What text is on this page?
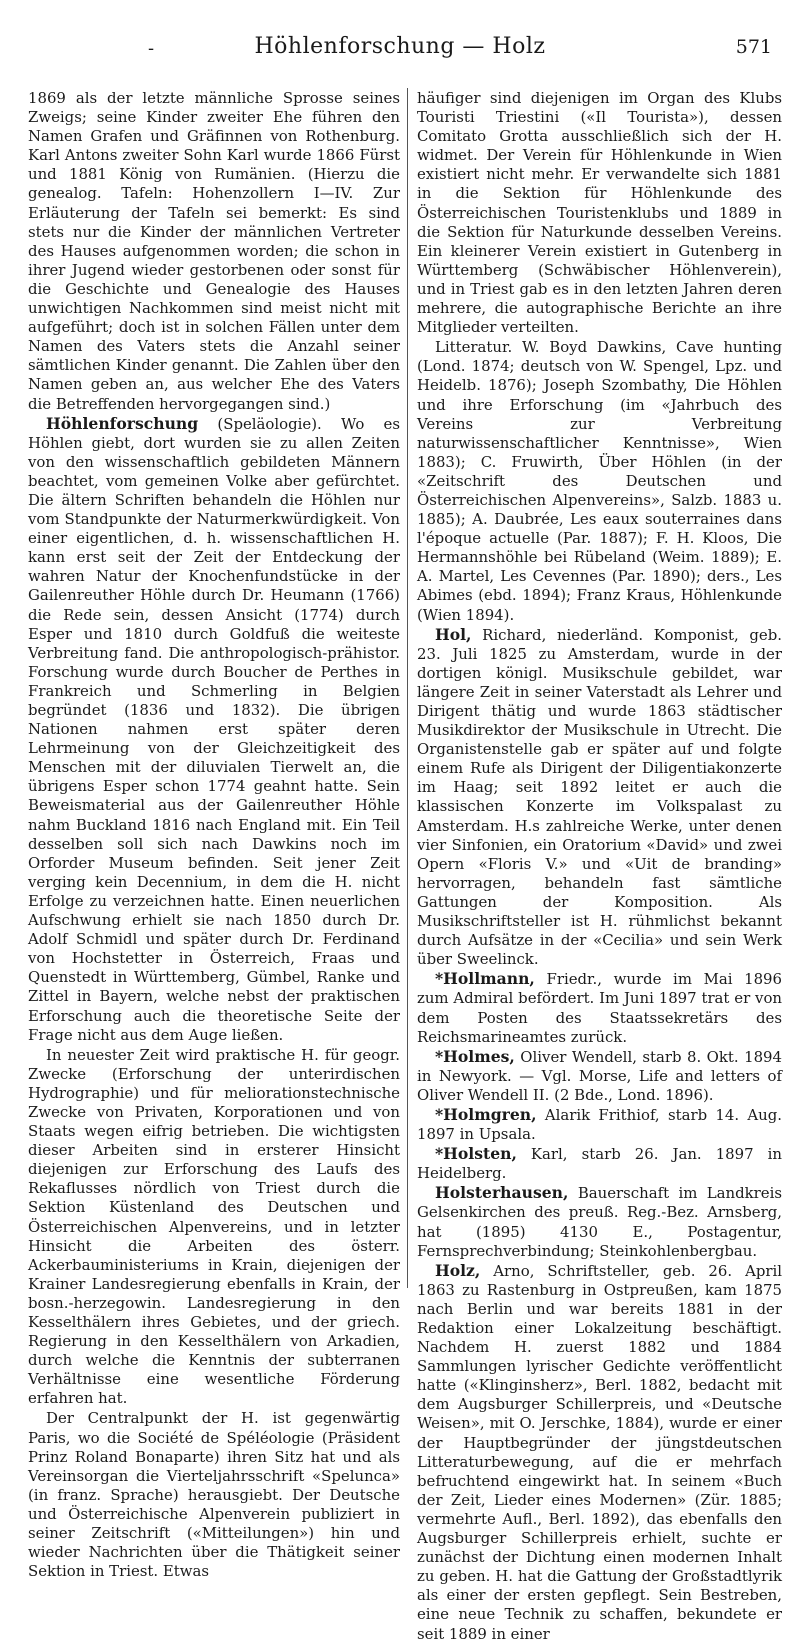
-	Höhlenforschung — Holz	571

1869 als der letzte männliche Sprosse seines Zweigs; seine Kinder zweiter Ehe führen den Namen Grafen und Gräfinnen von Rothenburg. Karl Antons zweiter Sohn Karl wurde 1866 Fürst und 1881 König von Rumänien. (Hierzu die genealog. Tafeln: Hohenzollern I—IV. Zur Erläuterung der Tafeln sei bemerkt: Es sind stets nur die Kinder der männlichen Vertreter des Hauses aufgenommen worden; die schon in ihrer Jugend wieder gestorbenen oder sonst für die Geschichte und Genealogie des Hauses unwichtigen Nachkommen sind meist nicht mit aufgeführt; doch ist in solchen Fällen unter dem Namen des Vaters stets die Anzahl seiner sämtlichen Kinder genannt. Die Zahlen über den Namen geben an, aus welcher Ehe des Vaters die Betreffenden hervorgegangen sind.)

Höhlenforschung (Speläologie). Wo es Höhlen giebt, dort wurden sie zu allen Zeiten von den wissenschaftlich gebildeten Männern beachtet, vom gemeinen Volke aber gefürchtet. Die ältern Schriften behandeln die Höhlen nur vom Standpunkte der Naturmerkwürdigkeit. Von einer eigentlichen, d. h. wissenschaftlichen H. kann erst seit der Zeit der Entdeckung der wahren Natur der Knochenfundstücke in der Gailenreuther Höhle durch Dr. Heumann (1766) die Rede sein, dessen Ansicht (1774) durch Esper und 1810 durch Goldfuß die weiteste Verbreitung fand. Die anthropologisch-prähistor. Forschung wurde durch Boucher de Perthes in Frankreich und Schmerling in Belgien begründet (1836 und 1832). Die übrigen Nationen nahmen erst später deren Lehrmeinung von der Gleichzeitigkeit des Menschen mit der diluvialen Tierwelt an, die übrigens Esper schon 1774 geahnt hatte. Sein Beweismaterial aus der Gailenreuther Höhle nahm Buckland 1816 nach England mit. Ein Teil desselben soll sich nach Dawkins noch im Orforder Museum befinden. Seit jener Zeit verging kein Decennium, in dem die H. nicht Erfolge zu verzeichnen hatte. Einen neuerlichen Aufschwung erhielt sie nach 1850 durch Dr. Adolf Schmidl und später durch Dr. Ferdinand von Hochstetter in Österreich, Fraas und Quenstedt in Württemberg, Gümbel, Ranke und Zittel in Bayern, welche nebst der praktischen Erforschung auch die theoretische Seite der Frage nicht aus dem Auge ließen.

In neuester Zeit wird praktische H. für geogr. Zwecke (Erforschung der unterirdischen Hydrographie) und für meliorationstechnische Zwecke von Privaten, Korporationen und von Staats wegen eifrig betrieben. Die wichtigsten dieser Arbeiten sind in ersterer Hinsicht diejenigen zur Erforschung des Laufs des Rekaflusses nördlich von Triest durch die Sektion Küstenland des Deutschen und Österreichischen Alpenvereins, und in letzter Hinsicht die Arbeiten des österr. Ackerbauministeriums in Krain, diejenigen der Krainer Landesregierung ebenfalls in Krain, der bosn.-herzegowin. Landesregierung in den Kesselthälern ihres Gebietes, und der griech. Regierung in den Kesselthälern von Arkadien, durch welche die Kenntnis der subterranen Verhältnisse eine wesentliche Förderung erfahren hat.

Der Centralpunkt der H. ist gegenwärtig Paris, wo die Société de Spéléologie (Präsident Prinz Roland Bonaparte) ihren Sitz hat und als Vereinsorgan die Vierteljahrsschrift «Spelunca» (in franz. Sprache) herausgiebt. Der Deutsche und Österreichische Alpenverein publiziert in seiner Zeitschrift («Mitteilungen») hin und wieder Nachrichten über die Thätigkeit seiner Sektion in Triest. Etwas

häufiger sind diejenigen im Organ des Klubs Touristi Triestini («Il Tourista»), dessen Comitato Grotta ausschließlich sich der H. widmet. Der Verein für Höhlenkunde in Wien existiert nicht mehr. Er verwandelte sich 1881 in die Sektion für Höhlenkunde des Österreichischen Touristenklubs und 1889 in die Sektion für Naturkunde desselben Vereins. Ein kleinerer Verein existiert in Gutenberg in Württemberg (Schwäbischer Höhlenverein), und in Triest gab es in den letzten Jahren deren mehrere, die autographische Berichte an ihre Mitglieder verteilten.

Litteratur. W. Boyd Dawkins, Cave hunting (Lond. 1874; deutsch von W. Spengel, Lpz. und Heidelb. 1876); Joseph Szombathy, Die Höhlen und ihre Erforschung (im «Jahrbuch des Vereins zur Verbreitung naturwissenschaftlicher Kenntnisse», Wien 1883); C. Fruwirth, Über Höhlen (in der «Zeitschrift des Deutschen und Österreichischen Alpenvereins», Salzb. 1883 u. 1885); A. Daubrée, Les eaux souterraines dans l'époque actuelle (Par. 1887); F. H. Kloos, Die Hermannshöhle bei Rübeland (Weim. 1889); E. A. Martel, Les Cevennes (Par. 1890); ders., Les Abimes (ebd. 1894); Franz Kraus, Höhlenkunde (Wien 1894).

Hol, Richard, niederländ. Komponist, geb. 23. Juli 1825 zu Amsterdam, wurde in der dortigen königl. Musikschule gebildet, war längere Zeit in seiner Vaterstadt als Lehrer und Dirigent thätig und wurde 1863 städtischer Musikdirektor der Musikschule in Utrecht. Die Organistenstelle gab er später auf und folgte einem Rufe als Dirigent der Diligentiakonzerte im Haag; seit 1892 leitet er auch die klassischen Konzerte im Volkspalast zu Amsterdam. H.s zahlreiche Werke, unter denen vier Sinfonien, ein Oratorium «David» und zwei Opern «Floris V.» und «Uit de branding» hervorragen, behandeln fast sämtliche Gattungen der Komposition. Als Musikschriftsteller ist H. rühmlichst bekannt durch Aufsätze in der «Cecilia» und sein Werk über Sweelinck.

*Hollmann, Friedr., wurde im Mai 1896 zum Admiral befördert. Im Juni 1897 trat er von dem Posten des Staatssekretärs des Reichsmarineamtes zurück.

*Holmes, Oliver Wendell, starb 8. Okt. 1894 in Newyork. — Vgl. Morse, Life and letters of Oliver Wendell II. (2 Bde., Lond. 1896).

*Holmgren, Alarik Frithiof, starb 14. Aug. 1897 in Upsala.

*Holsten, Karl, starb 26. Jan. 1897 in Heidelberg.

Holsterhausen, Bauerschaft im Landkreis Gelsenkirchen des preuß. Reg.-Bez. Arnsberg, hat (1895) 4130 E., Postagentur, Fernsprechverbindung; Steinkohlenbergbau.

Holz, Arno, Schriftsteller, geb. 26. April 1863 zu Rastenburg in Ostpreußen, kam 1875 nach Berlin und war bereits 1881 in der Redaktion einer Lokalzeitung beschäftigt. Nachdem H. zuerst 1882 und 1884 Sammlungen lyrischer Gedichte veröffentlicht hatte («Klinginsherz», Berl. 1882, bedacht mit dem Augsburger Schillerpreis, und «Deutsche Weisen», mit O. Jerschke, 1884), wurde er einer der Hauptbegründer der jüngstdeutschen Litteraturbewegung, auf die er mehrfach befruchtend eingewirkt hat. In seinem «Buch der Zeit, Lieder eines Modernen» (Zür. 1885; vermehrte Aufl., Berl. 1892), das ebenfalls den Augsburger Schillerpreis erhielt, suchte er zunächst der Dichtung einen modernen Inhalt zu geben. H. hat die Gattung der Großstadtlyrik als einer der ersten gepflegt. Sein Bestreben, eine neue Technik zu schaffen, bekundete er seit 1889 in einer
